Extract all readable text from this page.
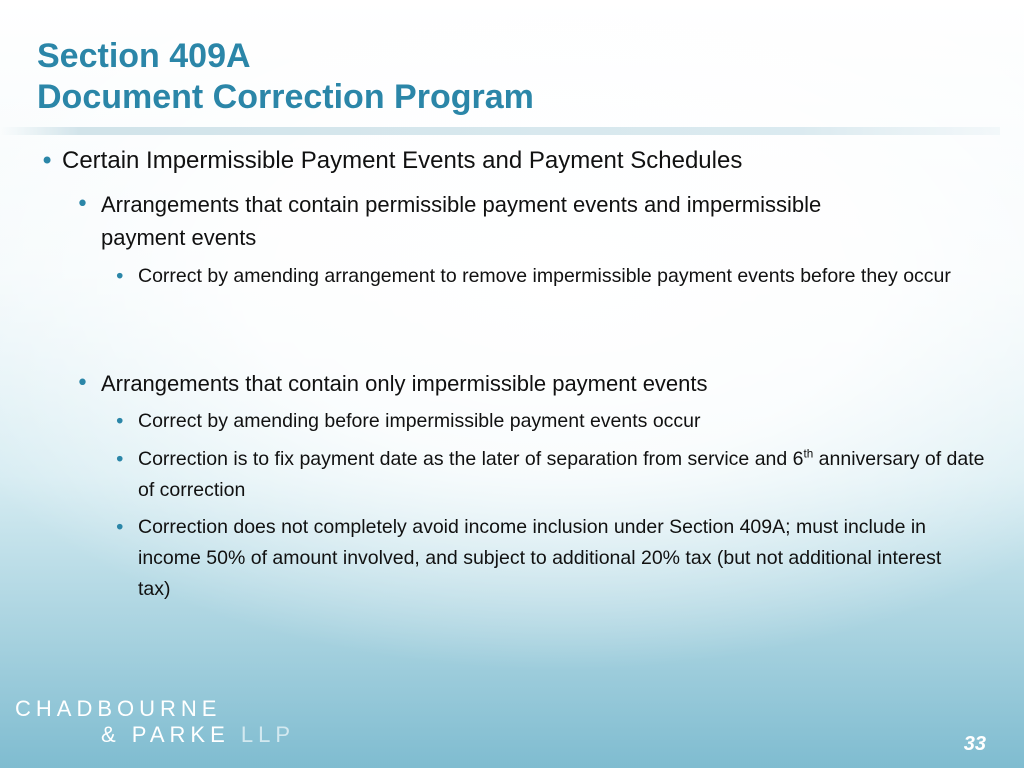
Section 409A
Document Correction Program
• Certain Impermissible Payment Events and Payment Schedules
• Arrangements that contain permissible payment events and impermissible payment events
• Correct by amending arrangement to remove impermissible payment events before they occur
• Arrangements that contain only impermissible payment events
• Correct by amending before impermissible payment events occur
• Correction is to fix payment date as the later of separation from service and 6th anniversary of date of correction
• Correction does not completely avoid income inclusion under Section 409A; must include in income 50% of amount involved, and subject to additional 20% tax (but not additional interest tax)
CHADBOURNE
& PARKE LLP	33
